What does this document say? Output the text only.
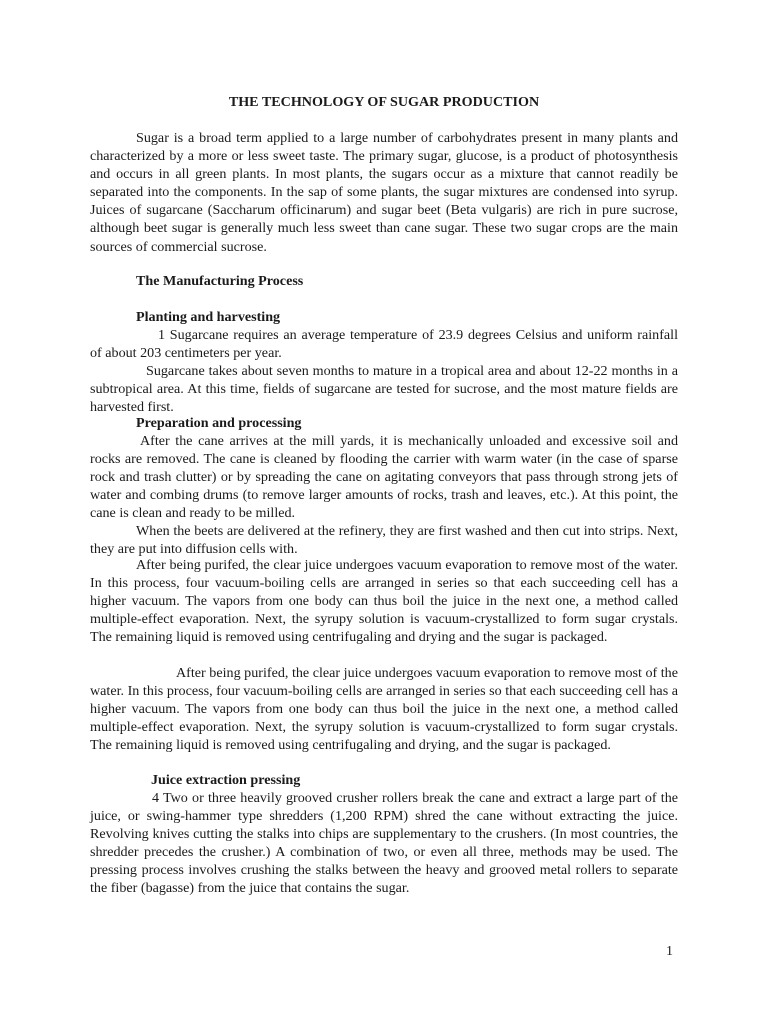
THE TECHNOLOGY OF SUGAR PRODUCTION
Sugar is a broad term applied to a large number of carbohydrates present in many plants and characterized by a more or less sweet taste. The primary sugar, glucose, is a product of photosynthesis and occurs in all green plants. In most plants, the sugars occur as a mixture that cannot readily be separated into the components. In the sap of some plants, the sugar mixtures are condensed into syrup. Juices of sugarcane (Saccharum officinarum) and sugar beet (Beta vulgaris) are rich in pure sucrose, although beet sugar is generally much less sweet than cane sugar. These two sugar crops are the main sources of commercial sucrose.
The Manufacturing Process
Planting and harvesting
1 Sugarcane requires an average temperature of 23.9 degrees Celsius and uniform rainfall of about 203 centimeters per year.
Sugarcane takes about seven months to mature in a tropical area and about 12-22 months in a subtropical area. At this time, fields of sugarcane are tested for sucrose, and the most mature fields are harvested first.
Preparation and processing
After the cane arrives at the mill yards, it is mechanically unloaded and excessive soil and rocks are removed. The cane is cleaned by flooding the carrier with warm water (in the case of sparse rock and trash clutter) or by spreading the cane on agitating conveyors that pass through strong jets of water and combing drums (to remove larger amounts of rocks, trash and leaves, etc.). At this point, the cane is clean and ready to be milled.
When the beets are delivered at the refinery, they are first washed and then cut into strips. Next, they are put into diffusion cells with.
After being purifed, the clear juice undergoes vacuum evaporation to remove most of the water. In this process, four vacuum-boiling cells are arranged in series so that each succeeding cell has a higher vacuum. The vapors from one body can thus boil the juice in the next one, a method called multiple-effect evaporation. Next, the syrupy solution is vacuum-crystallized to form sugar crystals. The remaining liquid is removed using centrifugaling and drying and the sugar is packaged.
After being purifed, the clear juice undergoes vacuum evaporation to remove most of the water. In this process, four vacuum-boiling cells are arranged in series so that each succeeding cell has a higher vacuum. The vapors from one body can thus boil the juice in the next one, a method called multiple-effect evaporation. Next, the syrupy solution is vacuum-crystallized to form sugar crystals. The remaining liquid is removed using centrifugaling and drying, and the sugar is packaged.
Juice extraction pressing
4 Two or three heavily grooved crusher rollers break the cane and extract a large part of the juice, or swing-hammer type shredders (1,200 RPM) shred the cane without extracting the juice. Revolving knives cutting the stalks into chips are supplementary to the crushers. (In most countries, the shredder precedes the crusher.) A combination of two, or even all three, methods may be used. The pressing process involves crushing the stalks between the heavy and grooved metal rollers to separate the fiber (bagasse) from the juice that contains the sugar.
1
